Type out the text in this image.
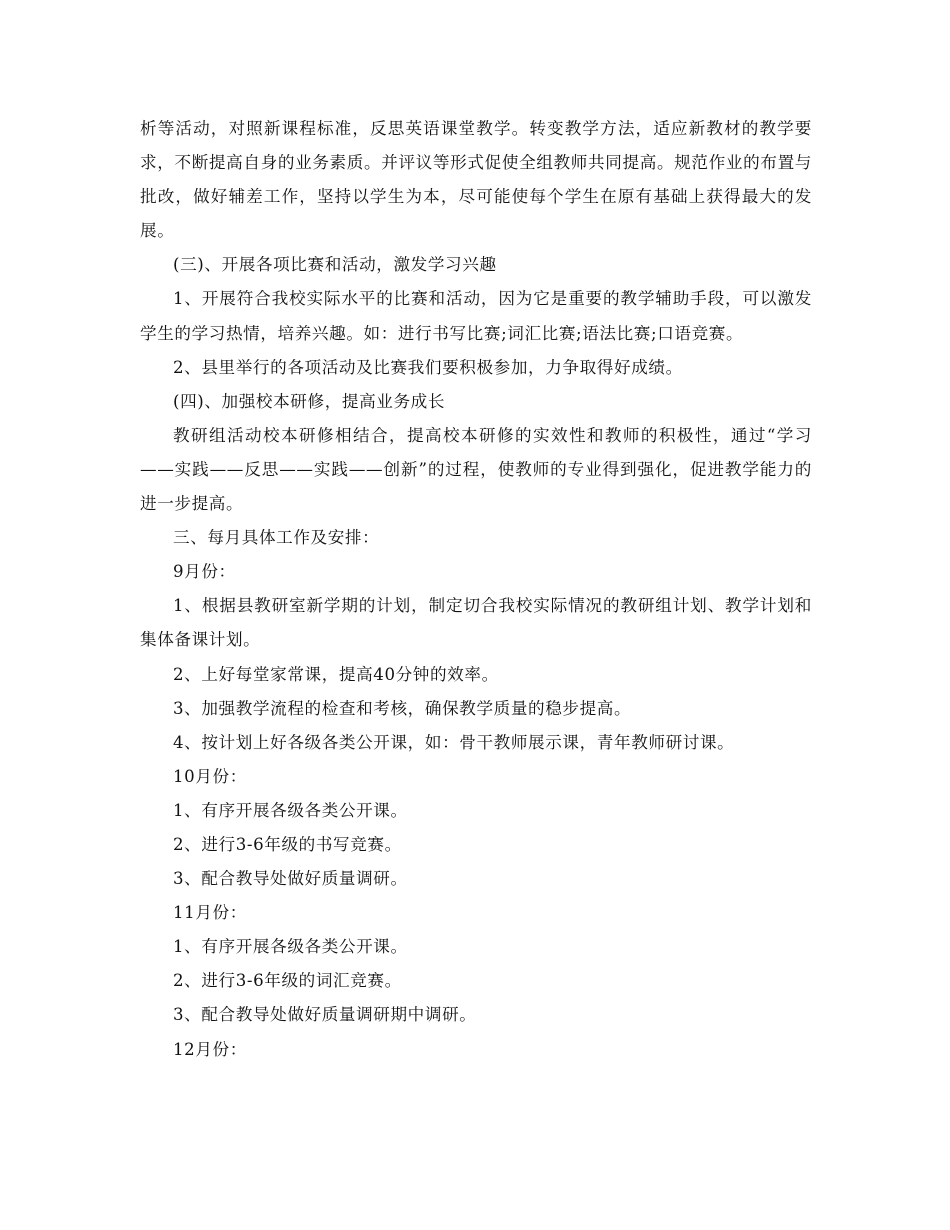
析等活动，对照新课程标准，反思英语课堂教学。转变教学方法，适应新教材的教学要求，不断提高自身的业务素质。并评议等形式促使全组教师共同提高。规范作业的布置与批改，做好辅差工作，坚持以学生为本，尽可能使每个学生在原有基础上获得最大的发展。

(三)、开展各项比赛和活动，激发学习兴趣

1、开展符合我校实际水平的比赛和活动，因为它是重要的教学辅助手段，可以激发学生的学习热情，培养兴趣。如：进行书写比赛;词汇比赛;语法比赛;口语竞赛。

2、县里举行的各项活动及比赛我们要积极参加，力争取得好成绩。

(四)、加强校本研修，提高业务成长

教研组活动校本研修相结合，提高校本研修的实效性和教师的积极性，通过“学习——实践——反思——实践——创新”的过程，使教师的专业得到强化，促进教学能力的进一步提高。

三、每月具体工作及安排：

9月份：

1、根据县教研室新学期的计划，制定切合我校实际情况的教研组计划、教学计划和集体备课计划。

2、上好每堂家常课，提高40分钟的效率。

3、加强教学流程的检查和考核，确保教学质量的稳步提高。

4、按计划上好各级各类公开课，如：骨干教师展示课，青年教师研讨课。

10月份：

1、有序开展各级各类公开课。

2、进行3-6年级的书写竞赛。

3、配合教导处做好质量调研。

11月份：

1、有序开展各级各类公开课。

2、进行3-6年级的词汇竞赛。

3、配合教导处做好质量调研期中调研。

12月份：
